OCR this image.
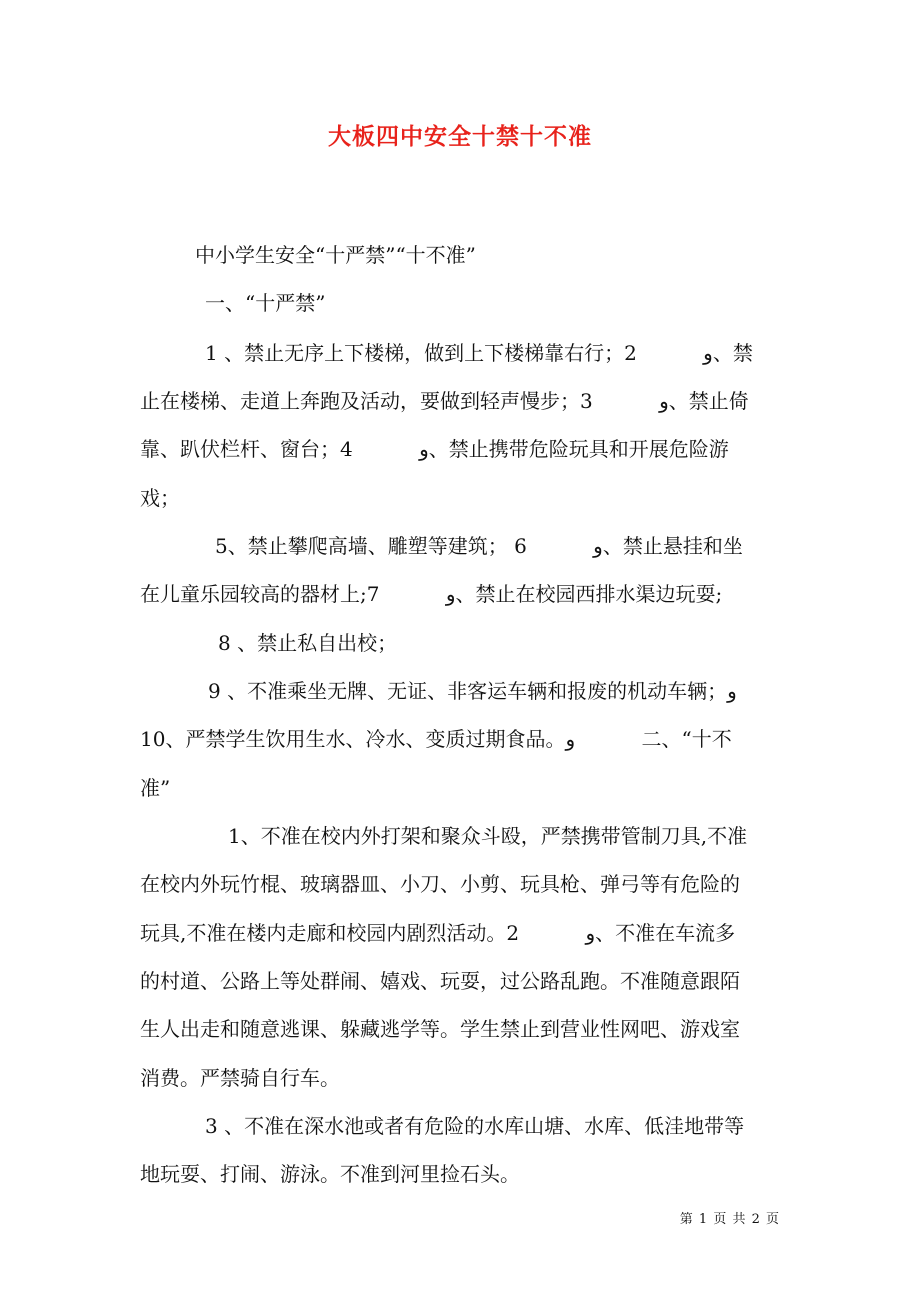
大板四中安全十禁十不准
中小学生安全“十严禁”“十不准”
一、“十严禁”
1 、禁止无序上下楼梯，做到上下楼梯靠右行；2 　　　و、禁
止在楼梯、走道上奔跑及活动，要做到轻声慢步；3 　　　و、禁止倚
靠、趴伏栏杆、窗台；4 　　　و、禁止携带危险玩具和开展危险游
戏；
5、禁止攀爬高墙、雕塑等建筑； 6 　　　و、禁止悬挂和坐
在儿童乐园较高的器材上;7 　　　و、禁止在校园西排水渠边玩耍;
8 、禁止私自出校；
9 、不准乘坐无牌、无证、非客运车辆和报废的机动车辆；و
10、严禁学生饮用生水、冷水、变质过期食品。و 　　　二、“十不
准”
1、不准在校内外打架和聚众斗殴，严禁携带管制刀具,不准
在校内外玩竹棍、玻璃器皿、小刀、小剪、玩具枪、弹弓等有危险的
玩具,不准在楼内走廊和校园内剧烈活动。2 　　　و、不准在车流多
的村道、公路上等处群闹、嬉戏、玩耍，过公路乱跑。不准随意跟陌
生人出走和随意逃课、躲藏逃学等。学生禁止到营业性网吧、游戏室
消费。严禁骑自行车。
3 、不准在深水池或者有危险的水库山塘、水库、低洼地带等
地玩耍、打闹、游泳。不准到河里捡石头。
第 1 页 共 2 页
